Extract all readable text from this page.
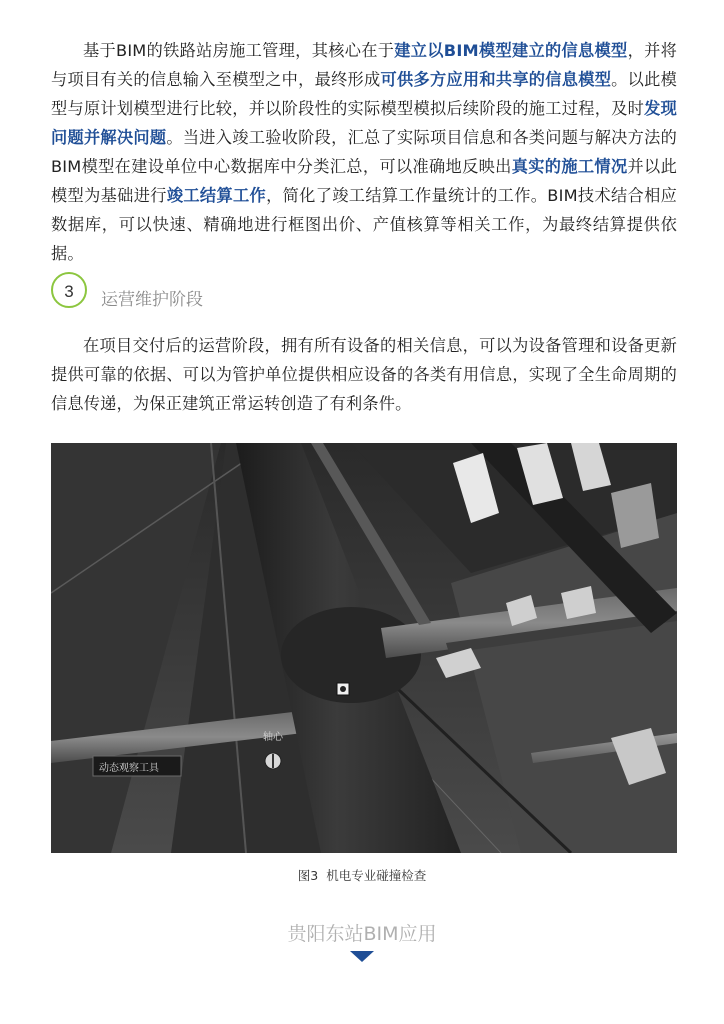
基于BIM的铁路站房施工管理，其核心在于建立以BIM模型建立的信息模型，并将与项目有关的信息输入至模型之中，最终形成可供多方应用和共享的信息模型。以此模型与原计划模型进行比较，并以阶段性的实际模型模拟后续阶段的施工过程，及时发现问题并解决问题。当进入竣工验收阶段，汇总了实际项目信息和各类问题与解决方法的BIM模型在建设单位中心数据库中分类汇总，可以准确地反映出真实的施工情况并以此模型为基础进行竣工结算工作，简化了竣工结算工作量统计的工作。BIM技术结合相应数据库，可以快速、精确地进行框图出价、产值核算等相关工作，为最终结算提供依据。

3	运营维护阶段

在项目交付后的运营阶段，拥有所有设备的相关信息，可以为设备管理和设备更新提供可靠的依据、可以为管护单位提供相应设备的各类有用信息，实现了全生命周期的信息传递，为保正建筑正常运转创造了有利条件。

轴心
动态观察工具
图3 机电专业碰撞检查
贵阳东站BIM应用
